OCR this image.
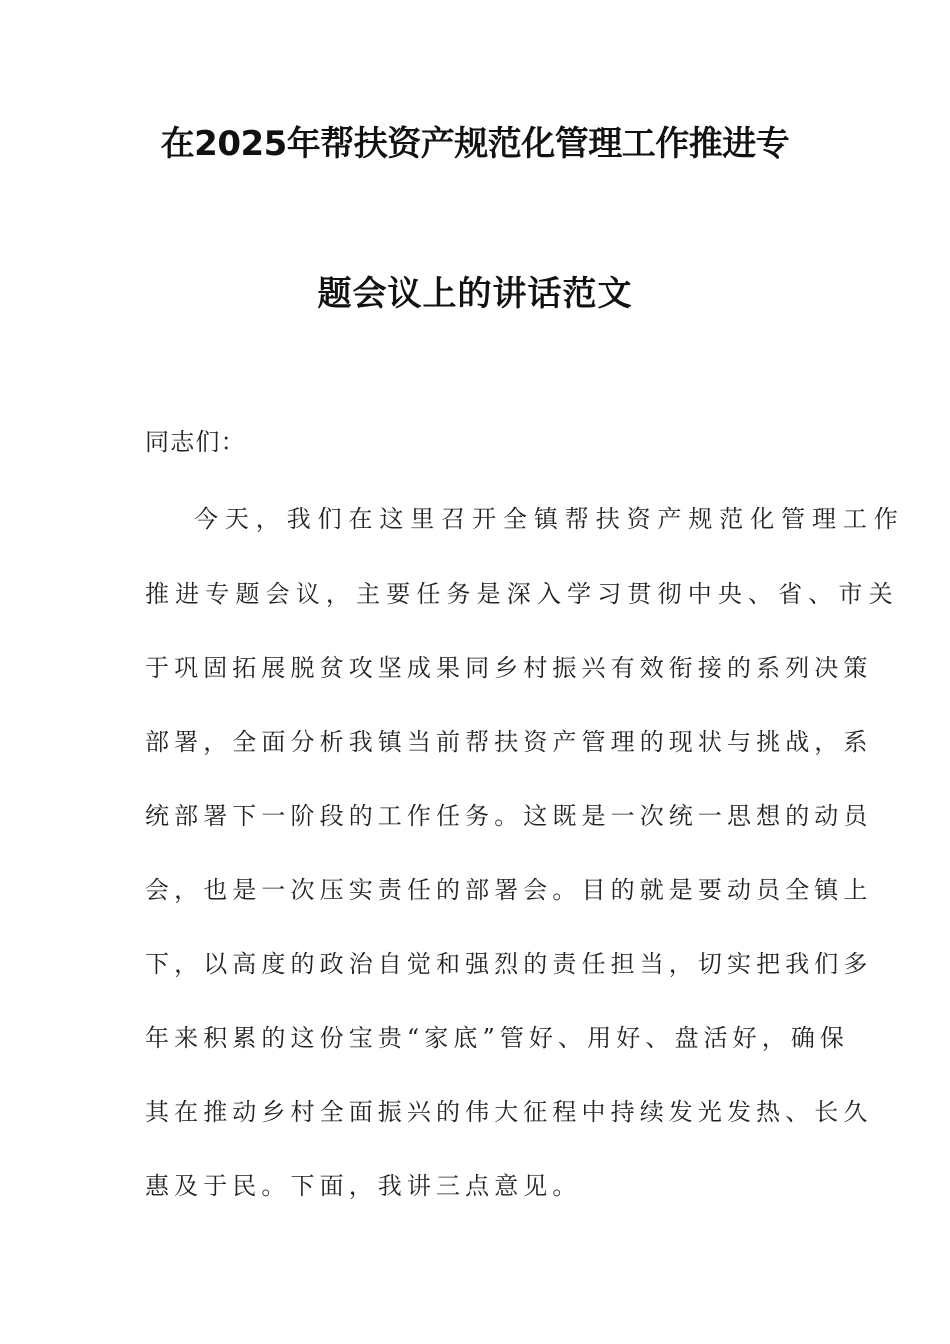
在2025年帮扶资产规范化管理工作推进专
题会议上的讲话范文
同志们：
今天，我们在这里召开全镇帮扶资产规范化管理工作
推进专题会议，主要任务是深入学习贯彻中央、省、市关
于巩固拓展脱贫攻坚成果同乡村振兴有效衔接的系列决策
部署，全面分析我镇当前帮扶资产管理的现状与挑战，系
统部署下一阶段的工作任务。这既是一次统一思想的动员
会，也是一次压实责任的部署会。目的就是要动员全镇上
下，以高度的政治自觉和强烈的责任担当，切实把我们多
年来积累的这份宝贵“家底”管好、用好、盘活好，确保
其在推动乡村全面振兴的伟大征程中持续发光发热、长久
惠及于民。下面，我讲三点意见。
